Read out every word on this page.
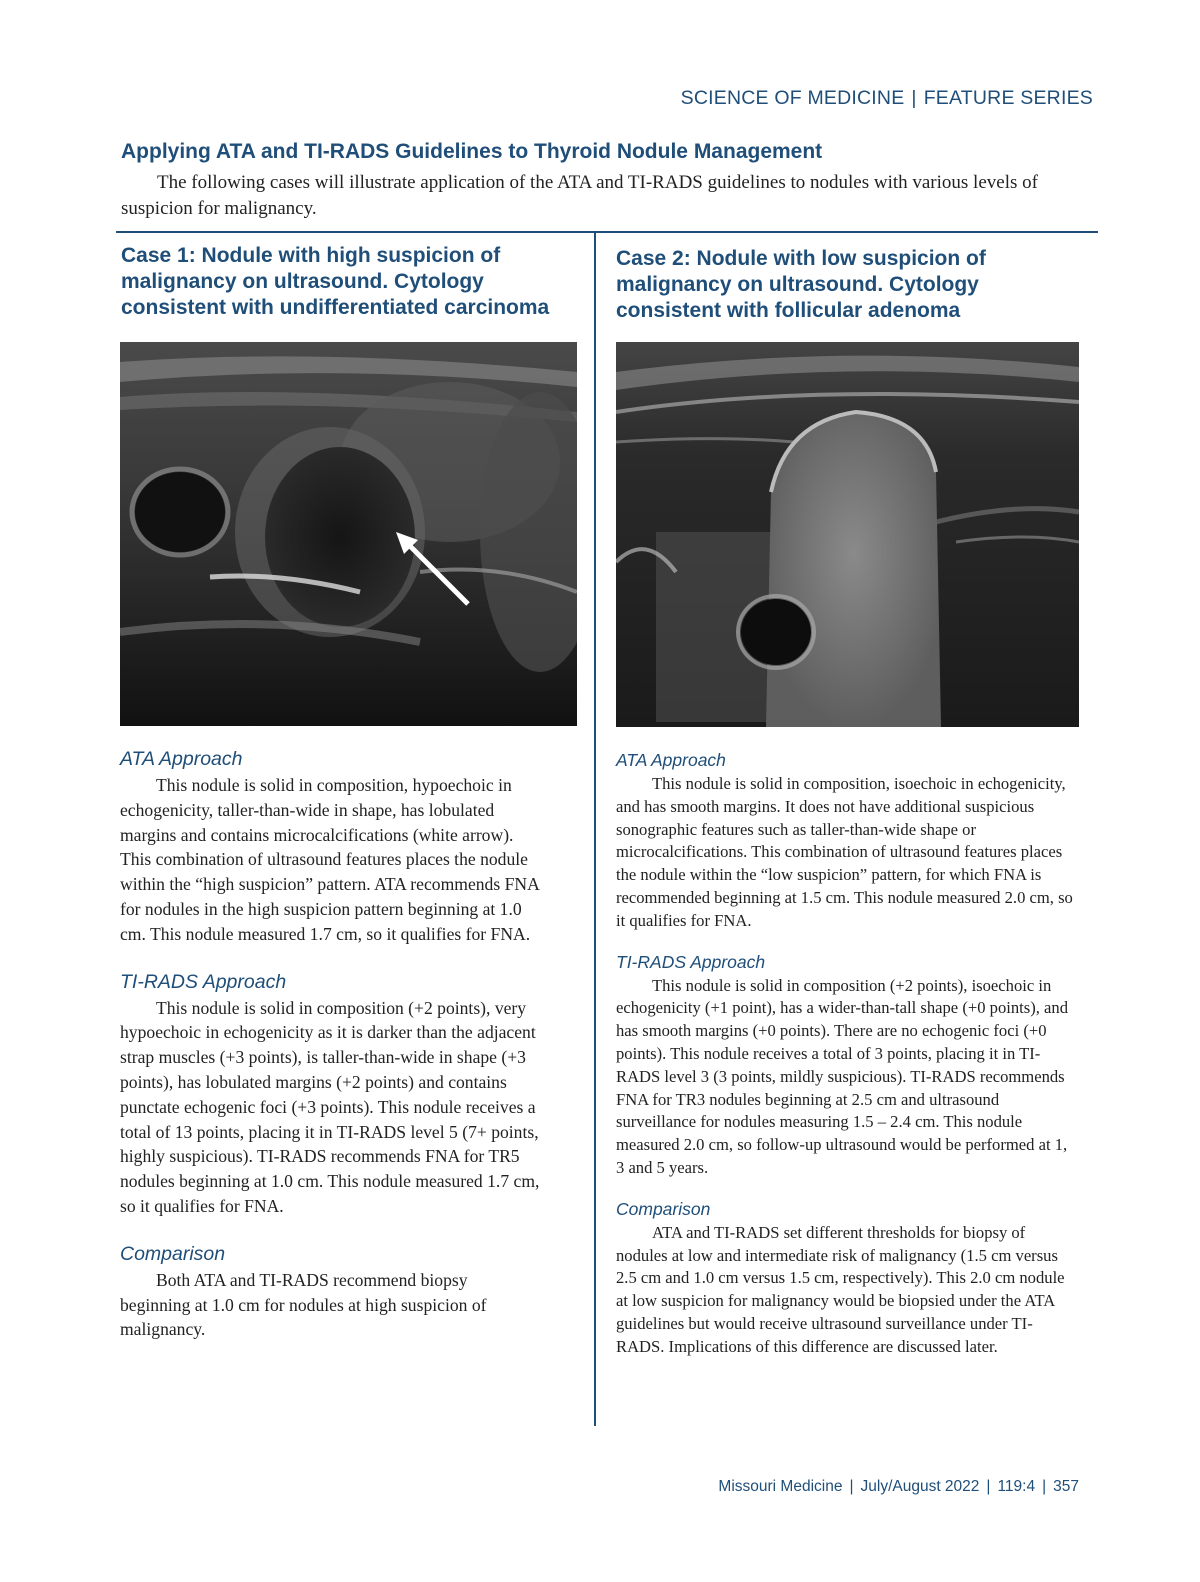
SCIENCE OF MEDICINE | FEATURE SERIES
Applying ATA and TI-RADS Guidelines to Thyroid Nodule Management

The following cases will illustrate application of the ATA and TI-RADS guidelines to nodules with various levels of suspicion for malignancy.

Case 1: Nodule with high suspicion of malignancy on ultrasound. Cytology consistent with undifferentiated carcinoma
ATA Approach

This nodule is solid in composition, hypoechoic in echogenicity, taller-than-wide in shape, has lobulated margins and contains microcalcifications (white arrow). This combination of ultrasound features places the nodule within the “high suspicion” pattern. ATA recommends FNA for nodules in the high suspicion pattern beginning at 1.0 cm. This nodule measured 1.7 cm, so it qualifies for FNA.

TI-RADS Approach

This nodule is solid in composition (+2 points), very hypoechoic in echogenicity as it is darker than the adjacent strap muscles (+3 points), is taller-than-wide in shape (+3 points), has lobulated margins (+2 points) and contains punctate echogenic foci (+3 points). This nodule receives a total of 13 points, placing it in TI-RADS level 5 (7+ points, highly suspicious). TI-RADS recommends FNA for TR5 nodules beginning at 1.0 cm. This nodule measured 1.7 cm, so it qualifies for FNA.

Comparison

Both ATA and TI-RADS recommend biopsy beginning at 1.0 cm for nodules at high suspicion of malignancy.

Case 2: Nodule with low suspicion of malignancy on ultrasound. Cytology consistent with follicular adenoma
ATA Approach

This nodule is solid in composition, isoechoic in echogenicity, and has smooth margins. It does not have additional suspicious sonographic features such as taller-than-wide shape or microcalcifications. This combination of ultrasound features places the nodule within the “low suspicion” pattern, for which FNA is recommended beginning at 1.5 cm. This nodule measured 2.0 cm, so it qualifies for FNA.

TI-RADS Approach

This nodule is solid in composition (+2 points), isoechoic in echogenicity (+1 point), has a wider-than-tall shape (+0 points), and has smooth margins (+0 points). There are no echogenic foci (+0 points). This nodule receives a total of 3 points, placing it in TI-RADS level 3 (3 points, mildly suspicious). TI-RADS recommends FNA for TR3 nodules beginning at 2.5 cm and ultrasound surveillance for nodules measuring 1.5 – 2.4 cm. This nodule measured 2.0 cm, so follow-up ultrasound would be performed at 1, 3 and 5 years.

Comparison

ATA and TI-RADS set different thresholds for biopsy of nodules at low and intermediate risk of malignancy (1.5 cm versus 2.5 cm and 1.0 cm versus 1.5 cm, respectively). This 2.0 cm nodule at low suspicion for malignancy would be biopsied under the ATA guidelines but would receive ultrasound surveillance under TI-RADS. Implications of this difference are discussed later.

Missouri Medicine | July/August 2022 | 119:4 | 357
